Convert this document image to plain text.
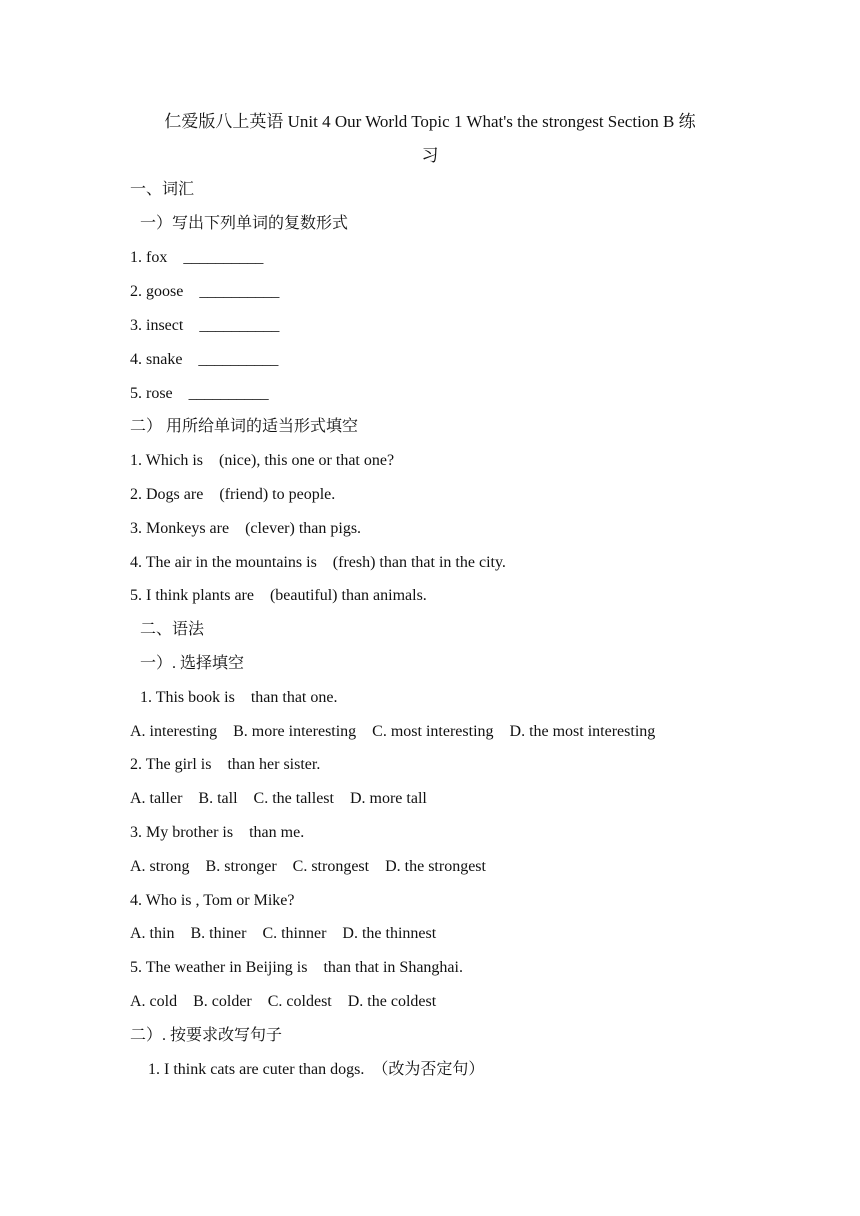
仁爱版八上英语 Unit 4 Our World Topic 1 What's the strongest Section B 练
习
一、词汇
一）写出下列单词的复数形式
1. fox    __________
2. goose    __________
3. insect    __________
4. snake    __________
5. rose    __________
二） 用所给单词的适当形式填空
1. Which is    (nice), this one or that one?
2. Dogs are    (friend) to people.
3. Monkeys are    (clever) than pigs.
4. The air in the mountains is    (fresh) than that in the city.
5. I think plants are    (beautiful) than animals.
二、语法
一）. 选择填空
1. This book is    than that one.
A. interesting    B. more interesting    C. most interesting    D. the most interesting
2. The girl is    than her sister.
A. taller    B. tall    C. the tallest    D. more tall
3. My brother is    than me.
A. strong    B. stronger    C. strongest    D. the strongest
4. Who is , Tom or Mike?
A. thin    B. thiner    C. thinner    D. the thinnest
5. The weather in Beijing is    than that in Shanghai.
A. cold    B. colder    C. coldest    D. the coldest
二）. 按要求改写句子
1. I think cats are cuter than dogs.  （改为否定句）
